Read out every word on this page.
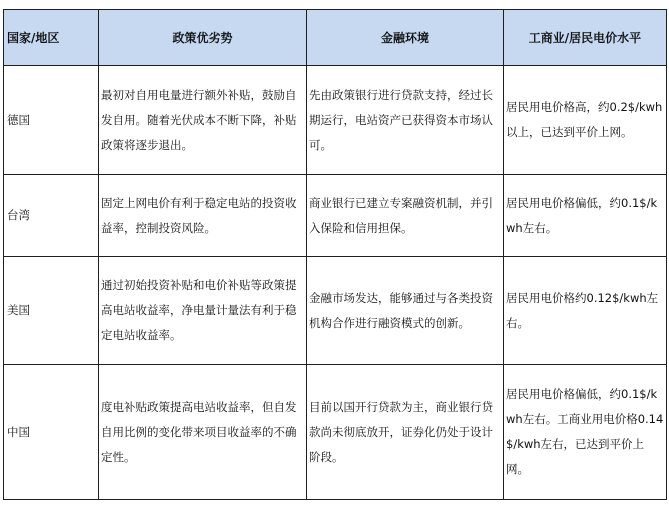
国家/地区	政策优劣势	金融环境	工商业/居民电价水平
德国	最初对自用电量进行额外补贴，鼓励自发自用。随着光伏成本不断下降，补贴政策将逐步退出。	先由政策银行进行贷款支持，经过长期运行，电站资产已获得资本市场认可。	居民用电价格高，约0.2$/kwh以上，已达到平价上网。
台湾	固定上网电价有利于稳定电站的投资收益率，控制投资风险。	商业银行已建立专案融资机制，并引入保险和信用担保。	居民用电价格偏低，约0.1$/kwh左右。
美国	通过初始投资补贴和电价补贴等政策提高电站收益率，净电量计量法有利于稳定电站收益率。	金融市场发达，能够通过与各类投资机构合作进行融资模式的创新。	居民用电价格约0.12$/kwh左右。
中国	度电补贴政策提高电站收益率，但自发自用比例的变化带来项目收益率的不确定性。	目前以国开行贷款为主，商业银行贷款尚未彻底放开，证券化仍处于设计阶段。	居民用电价格偏低，约0.1$/kwh左右。工商业用电价格0.14$/kwh左右，已达到平价上网。
